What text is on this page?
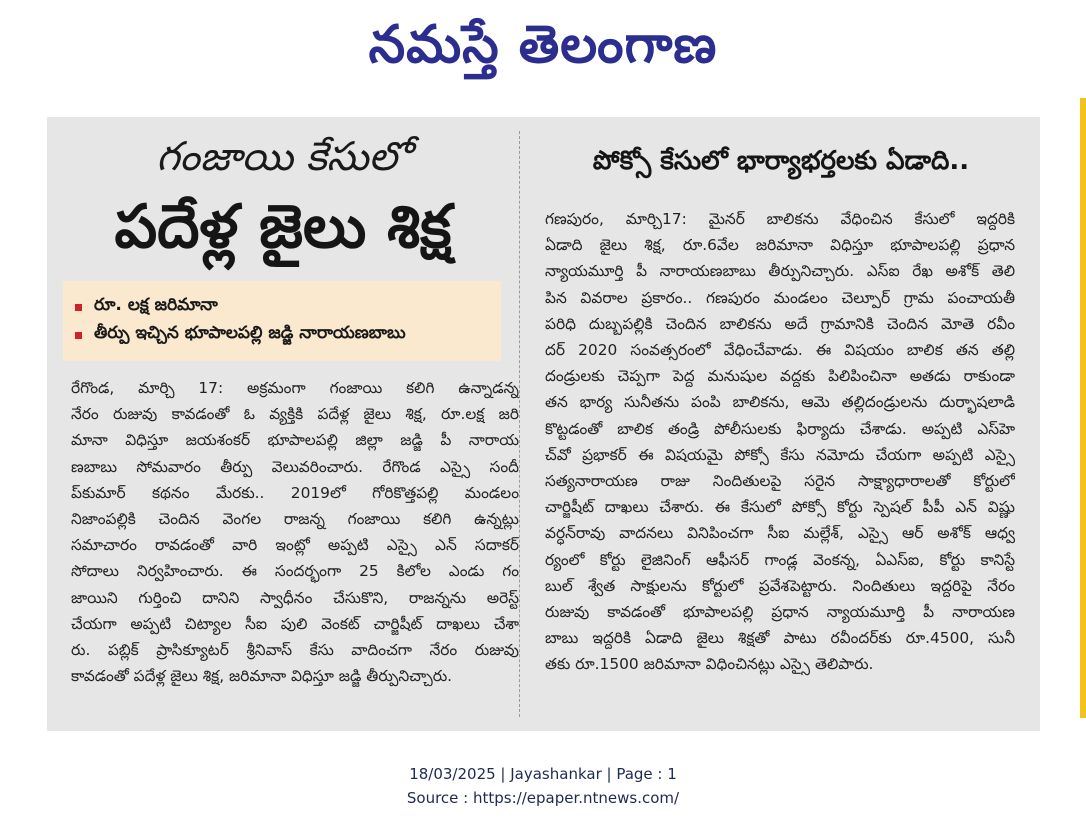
నమస్తే తెలంగాణ
గంజాయి కేసులో
పదేళ్ల జైలు శిక్ష
రూ. లక్ష జరిమానా
తీర్పు ఇచ్చిన భూపాలపల్లి జడ్జి నారాయణబాబు
రేగొండ, మార్చి 17: అక్రమంగా గంజాయి కలిగి ఉన్నాడన్న
నేరం రుజువు కావడంతో ఓ వ్యక్తికి పదేళ్ల జైలు శిక్ష, రూ.లక్ష జరి
మానా విధిస్తూ జయశంకర్ భూపాలపల్లి జిల్లా జడ్జి పీ నారాయ
ణబాబు సోమవారం తీర్పు వెలువరించారు. రేగొండ ఎస్సై సందీ
ప్‌కుమార్ కథనం మేరకు.. 2019లో గోరికొత్తపల్లి మండలం
నిజాంపల్లికి చెందిన వెంగల రాజన్న గంజాయి కలిగి ఉన్నట్లు
సమాచారం రావడంతో వారి ఇంట్లో అప్పటి ఎస్సై ఎన్ సదాకర్
సోదాలు నిర్వహించారు. ఈ సందర్భంగా 25 కిలోల ఎండు గం
జాయిని గుర్తించి దానిని స్వాధీనం చేసుకొని, రాజన్నను అరెస్ట్
చేయగా అప్పటి చిట్యాల సీఐ పులి వెంకట్ చార్జిషీట్ దాఖలు చేశా
రు. పబ్లిక్ ప్రాసిక్యూటర్ శ్రీనివాస్ కేసు వాదించగా నేరం రుజువు
కావడంతో పదేళ్ల జైలు శిక్ష, జరిమానా విధిస్తూ జడ్జి తీర్పునిచ్చారు.
పోక్సో కేసులో భార్యాభర్తలకు ఏడాది..
గణపురం, మార్చి17: మైనర్ బాలికను వేధించిన కేసులో ఇద్దరికి
ఏడాది జైలు శిక్ష, రూ.6వేల జరిమానా విధిస్తూ భూపాలపల్లి ప్రధాన
న్యాయమూర్తి పీ నారాయణబాబు తీర్పునిచ్చారు. ఎస్ఐ రేఖ అశోక్ తెలి
పిన వివరాల ప్రకారం.. గణపురం మండలం చెల్పూర్ గ్రామ పంచాయతీ
పరిధి దుబ్బపల్లికి చెందిన బాలికను అదే గ్రామానికి చెందిన మోతె రవీం
దర్ 2020 సంవత్సరంలో వేధించేవాడు. ఈ విషయం బాలిక తన తల్లి
దండ్రులకు చెప్పగా పెద్ద మనుషుల వద్దకు పిలిపించినా అతడు రాకుండా
తన భార్య సునీతను పంపి బాలికను, ఆమె తల్లిదండ్రులను దుర్భాషలాడి
కొట్టడంతో బాలిక తండ్రి పోలీసులకు ఫిర్యాదు చేశాడు. అప్పటి ఎస్‌హె
చ్‌వో ప్రభాకర్ ఈ విషయమై పోక్సో కేసు నమోదు చేయగా అప్పటి ఎస్సై
సత్యనారాయణ రాజు నిందితులపై సరైన సాక్ష్యాధారాలతో కోర్టులో
చార్జిషీట్ దాఖలు చేశారు. ఈ కేసులో పోక్సో కోర్టు స్పెషల్ పీపీ ఎన్ విష్ణు
వర్ధన్‌రావు వాదనలు వినిపించగా సీఐ మల్లేశ్, ఎస్సై ఆర్ అశోక్ ఆధ్వ
ర్యంలో కోర్టు లైజినింగ్ ఆఫీసర్ గాండ్ల వెంకన్న, ఏఎస్ఐ, కోర్టు కానిస్టే
బుల్ శ్వేత సాక్షులను కోర్టులో ప్రవేశపెట్టారు. నిందితులు ఇద్దరిపై నేరం
రుజువు కావడంతో భూపాలపల్లి ప్రధాన న్యాయమూర్తి పీ నారాయణ
బాబు ఇద్దరికి ఏడాది జైలు శిక్షతో పాటు రవీందర్‌కు రూ.4500, సునీ
తకు రూ.1500 జరిమానా విధించినట్లు ఎస్సై తెలిపారు.
18/03/2025 | Jayashankar | Page : 1
Source : https://epaper.ntnews.com/
